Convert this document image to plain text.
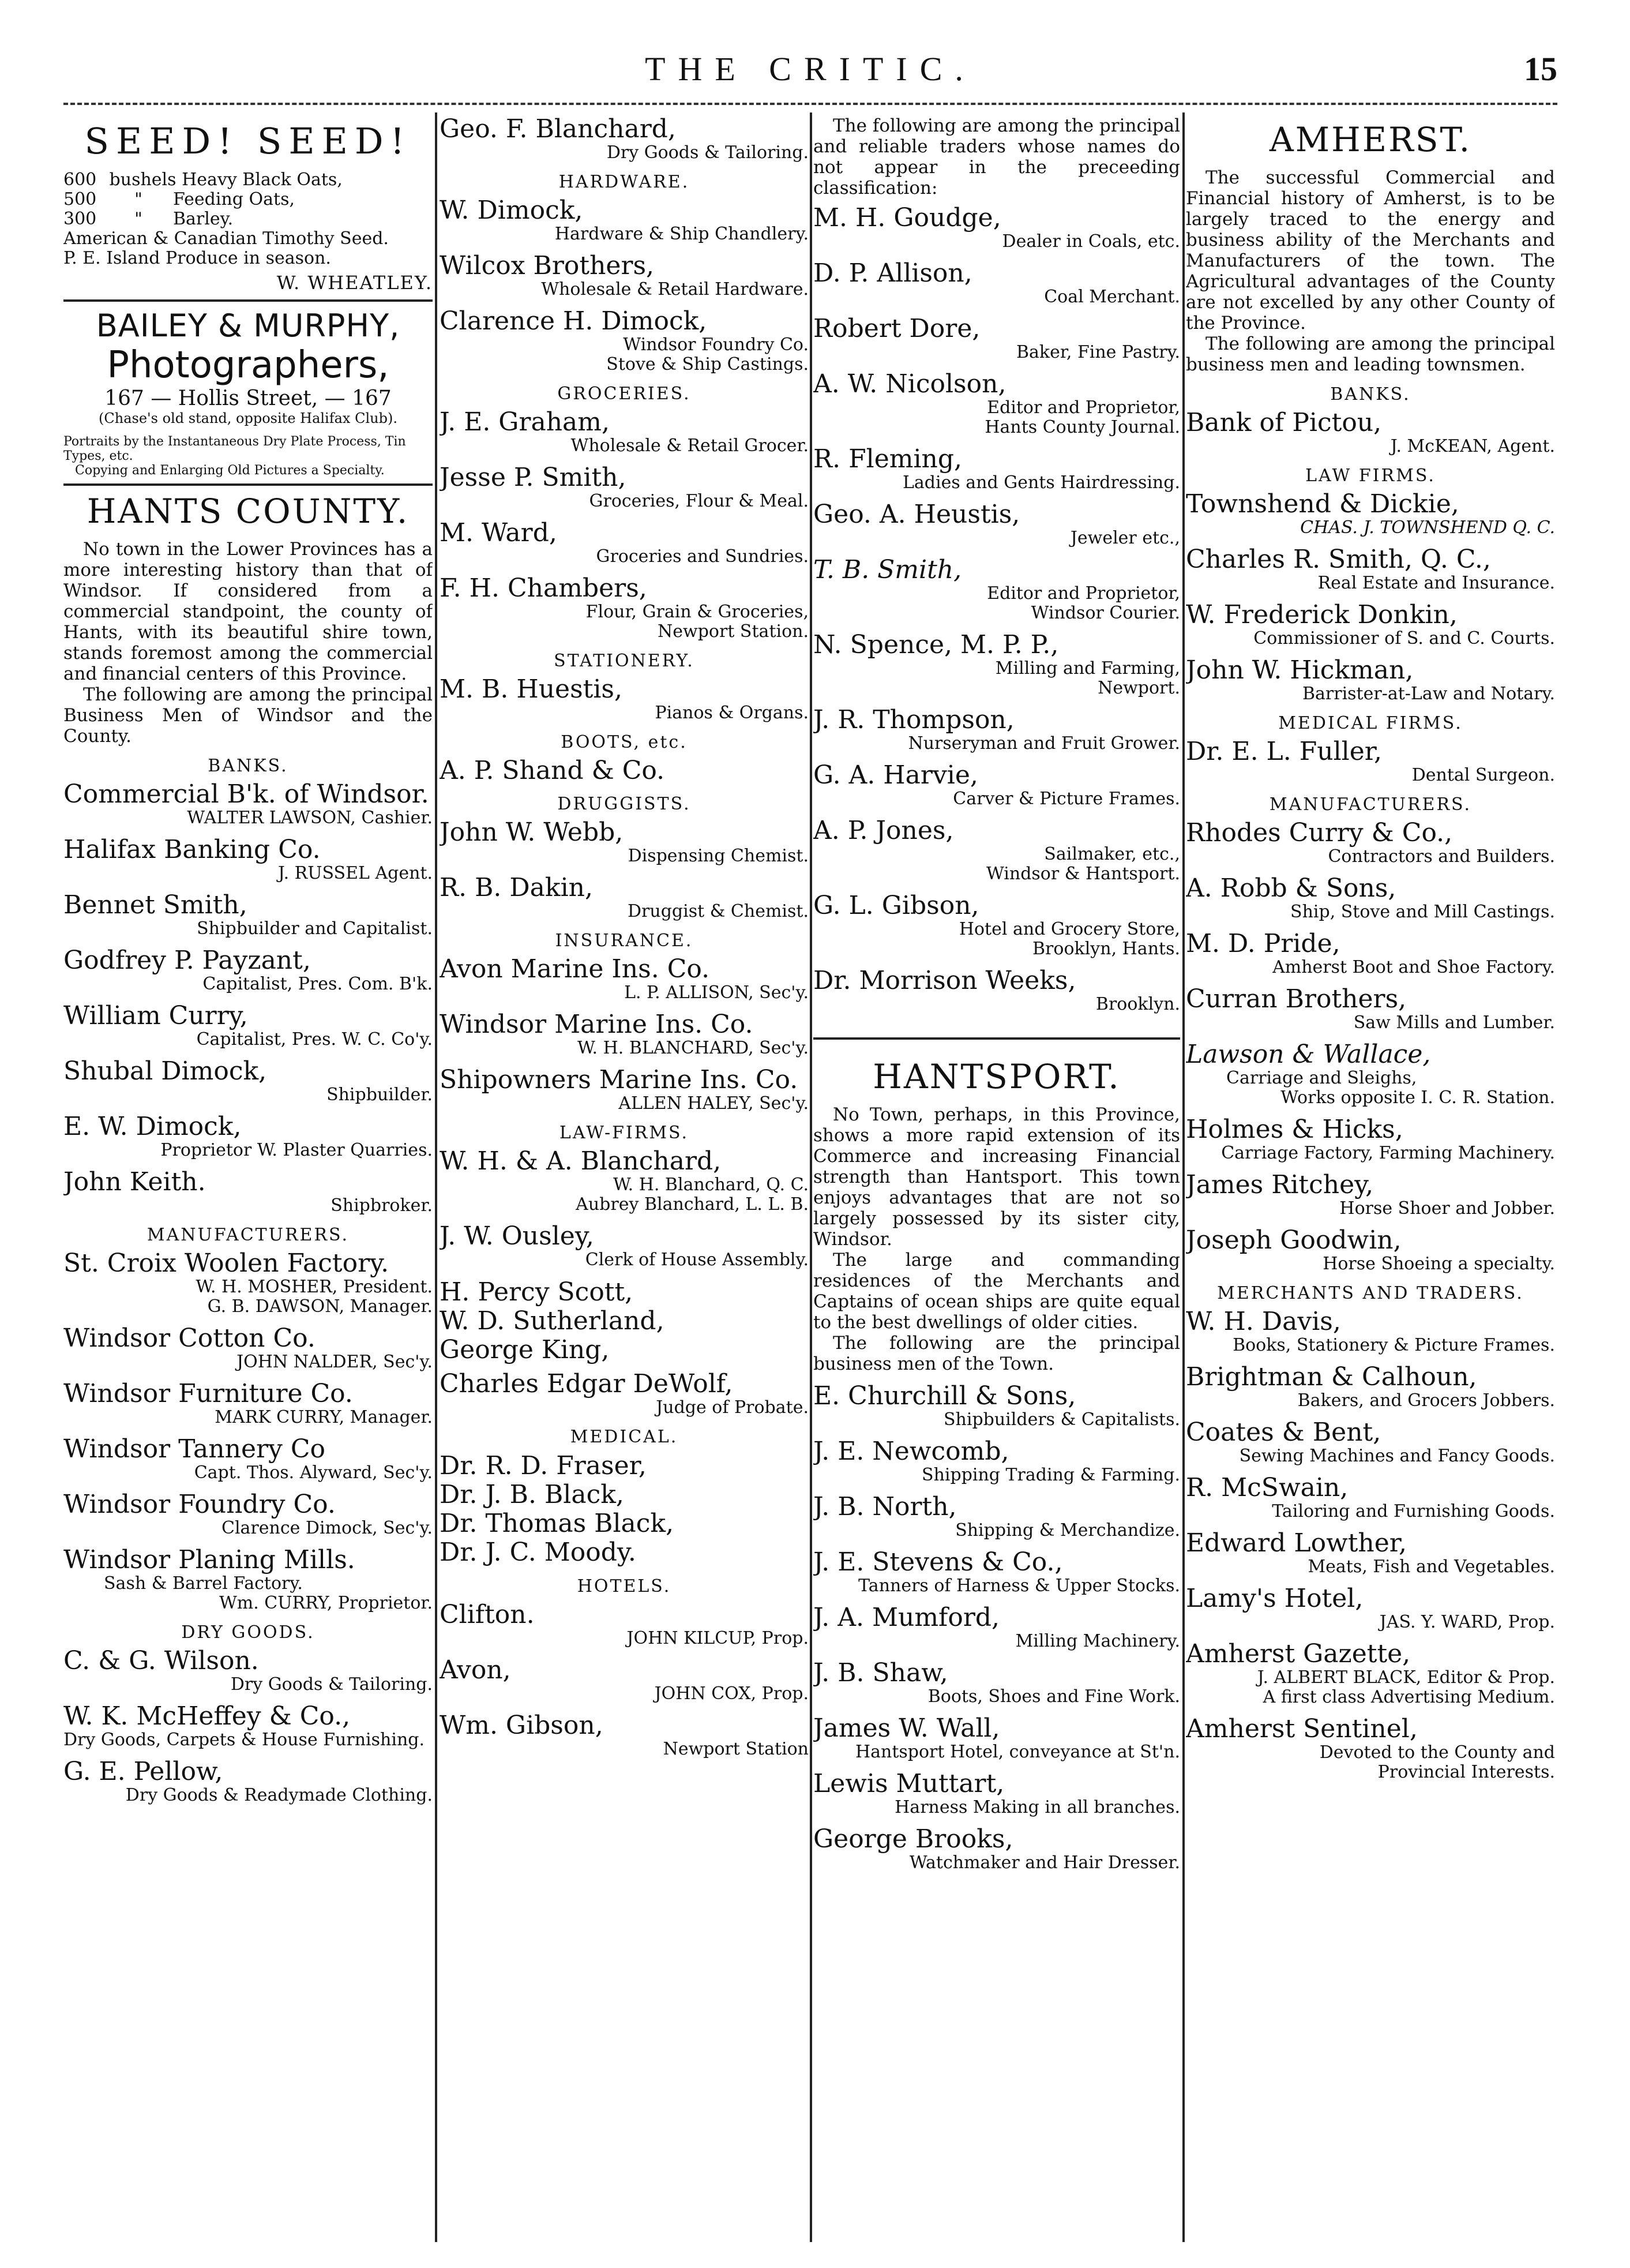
THE CRITIC.	15
SEED! SEED!
600 bushels Heavy Black Oats,
500 " Feeding Oats,
300 " Barley.
American & Canadian Timothy Seed.
P. E. Island Produce in season.
W. WHEATLEY.
BAILEY & MURPHY,
Photographers,
167 — Hollis Street, — 167
(Chase's old stand, opposite Halifax Club).
Portraits by the Instantaneous Dry Plate Process, Tin Types, etc.
Copying and Enlarging Old Pictures a Specialty.
HANTS COUNTY.

No town in the Lower Provinces has a more interesting history than that of Windsor. If considered from a commercial standpoint, the county of Hants, with its beautiful shire town, stands foremost among the commercial and financial centers of this Province.

The following are among the principal Business Men of Windsor and the County.

BANKS.
Commercial B'k. of Windsor.
WALTER LAWSON, Cashier.
Halifax Banking Co.
J. RUSSEL Agent.
Bennet Smith,
Shipbuilder and Capitalist.
Godfrey P. Payzant,
Capitalist, Pres. Com. B'k.
William Curry,
Capitalist, Pres. W. C. Co'y.
Shubal Dimock,
Shipbuilder.
E. W. Dimock,
Proprietor W. Plaster Quarries.
John Keith.
Shipbroker.
MANUFACTURERS.
St. Croix Woolen Factory.
W. H. MOSHER, President.
G. B. DAWSON, Manager.
Windsor Cotton Co.
JOHN NALDER, Sec'y.
Windsor Furniture Co.
MARK CURRY, Manager.
Windsor Tannery Co
Capt. Thos. Alyward, Sec'y.
Windsor Foundry Co.
Clarence Dimock, Sec'y.
Windsor Planing Mills.
Sash & Barrel Factory.
Wm. CURRY, Proprietor.
DRY GOODS.
C. & G. Wilson.
Dry Goods & Tailoring.
W. K. McHeffey & Co.,
Dry Goods, Carpets & House Furnishing.
G. E. Pellow,
Dry Goods & Readymade Clothing.
Geo. F. Blanchard,
Dry Goods & Tailoring.
HARDWARE.
W. Dimock,
Hardware & Ship Chandlery.
Wilcox Brothers,
Wholesale & Retail Hardware.
Clarence H. Dimock,
Windsor Foundry Co.
Stove & Ship Castings.
GROCERIES.
J. E. Graham,
Wholesale & Retail Grocer.
Jesse P. Smith,
Groceries, Flour & Meal.
M. Ward,
Groceries and Sundries.
F. H. Chambers,
Flour, Grain & Groceries,
Newport Station.
STATIONERY.
M. B. Huestis,
Pianos & Organs.
BOOTS, etc.
A. P. Shand & Co.
DRUGGISTS.
John W. Webb,
Dispensing Chemist.
R. B. Dakin,
Druggist & Chemist.
INSURANCE.
Avon Marine Ins. Co.
L. P. ALLISON, Sec'y.
Windsor Marine Ins. Co.
W. H. BLANCHARD, Sec'y.
Shipowners Marine Ins. Co.
ALLEN HALEY, Sec'y.
LAW-FIRMS.
W. H. & A. Blanchard,
W. H. Blanchard, Q. C.
Aubrey Blanchard, L. L. B.
J. W. Ousley,
Clerk of House Assembly.
H. Percy Scott,
W. D. Sutherland,
George King,
Charles Edgar DeWolf,
Judge of Probate.
MEDICAL.
Dr. R. D. Fraser,
Dr. J. B. Black,
Dr. Thomas Black,
Dr. J. C. Moody.
HOTELS.
Clifton.
JOHN KILCUP, Prop.
Avon,
JOHN COX, Prop.
Wm. Gibson,
Newport Station

The following are among the principal and reliable traders whose names do not appear in the preceeding classification:

M. H. Goudge,
Dealer in Coals, etc.
D. P. Allison,
Coal Merchant.
Robert Dore,
Baker, Fine Pastry.
A. W. Nicolson,
Editor and Proprietor,
Hants County Journal.
R. Fleming,
Ladies and Gents Hairdressing.
Geo. A. Heustis,
Jeweler etc.,
T. B. Smith,
Editor and Proprietor,
Windsor Courier.
N. Spence, M. P. P.,
Milling and Farming,
Newport.
J. R. Thompson,
Nurseryman and Fruit Grower.
G. A. Harvie,
Carver & Picture Frames.
A. P. Jones,
Sailmaker, etc.,
Windsor & Hantsport.
G. L. Gibson,
Hotel and Grocery Store,
Brooklyn, Hants.
Dr. Morrison Weeks,
Brooklyn.
HANTSPORT.

No Town, perhaps, in this Province, shows a more rapid extension of its Commerce and increasing Financial strength than Hantsport. This town enjoys advantages that are not so largely possessed by its sister city, Windsor.

The large and commanding residences of the Merchants and Captains of ocean ships are quite equal to the best dwellings of older cities.

The following are the principal business men of the Town.

E. Churchill & Sons,
Shipbuilders & Capitalists.
J. E. Newcomb,
Shipping Trading & Farming.
J. B. North,
Shipping & Merchandize.
J. E. Stevens & Co.,
Tanners of Harness & Upper Stocks.
J. A. Mumford,
Milling Machinery.
J. B. Shaw,
Boots, Shoes and Fine Work.
James W. Wall,
Hantsport Hotel, conveyance at St'n.
Lewis Muttart,
Harness Making in all branches.
George Brooks,
Watchmaker and Hair Dresser.
AMHERST.

The successful Commercial and Financial history of Amherst, is to be largely traced to the energy and business ability of the Merchants and Manufacturers of the town. The Agricultural advantages of the County are not excelled by any other County of the Province.

The following are among the principal business men and leading townsmen.

BANKS.
Bank of Pictou,
J. McKEAN, Agent.
LAW FIRMS.
Townshend & Dickie,
CHAS. J. TOWNSHEND Q. C.
Charles R. Smith, Q. C.,
Real Estate and Insurance.
W. Frederick Donkin,
Commissioner of S. and C. Courts.
John W. Hickman,
Barrister-at-Law and Notary.
MEDICAL FIRMS.
Dr. E. L. Fuller,
Dental Surgeon.
MANUFACTURERS.
Rhodes Curry & Co.,
Contractors and Builders.
A. Robb & Sons,
Ship, Stove and Mill Castings.
M. D. Pride,
Amherst Boot and Shoe Factory.
Curran Brothers,
Saw Mills and Lumber.
Lawson & Wallace,
Carriage and Sleighs,
Works opposite I. C. R. Station.
Holmes & Hicks,
Carriage Factory, Farming Machinery.
James Ritchey,
Horse Shoer and Jobber.
Joseph Goodwin,
Horse Shoeing a specialty.
MERCHANTS AND TRADERS.
W. H. Davis,
Books, Stationery & Picture Frames.
Brightman & Calhoun,
Bakers, and Grocers Jobbers.
Coates & Bent,
Sewing Machines and Fancy Goods.
R. McSwain,
Tailoring and Furnishing Goods.
Edward Lowther,
Meats, Fish and Vegetables.
Lamy's Hotel,
JAS. Y. WARD, Prop.
Amherst Gazette,
J. ALBERT BLACK, Editor & Prop.
A first class Advertising Medium.
Amherst Sentinel,
Devoted to the County and
Provincial Interests.
